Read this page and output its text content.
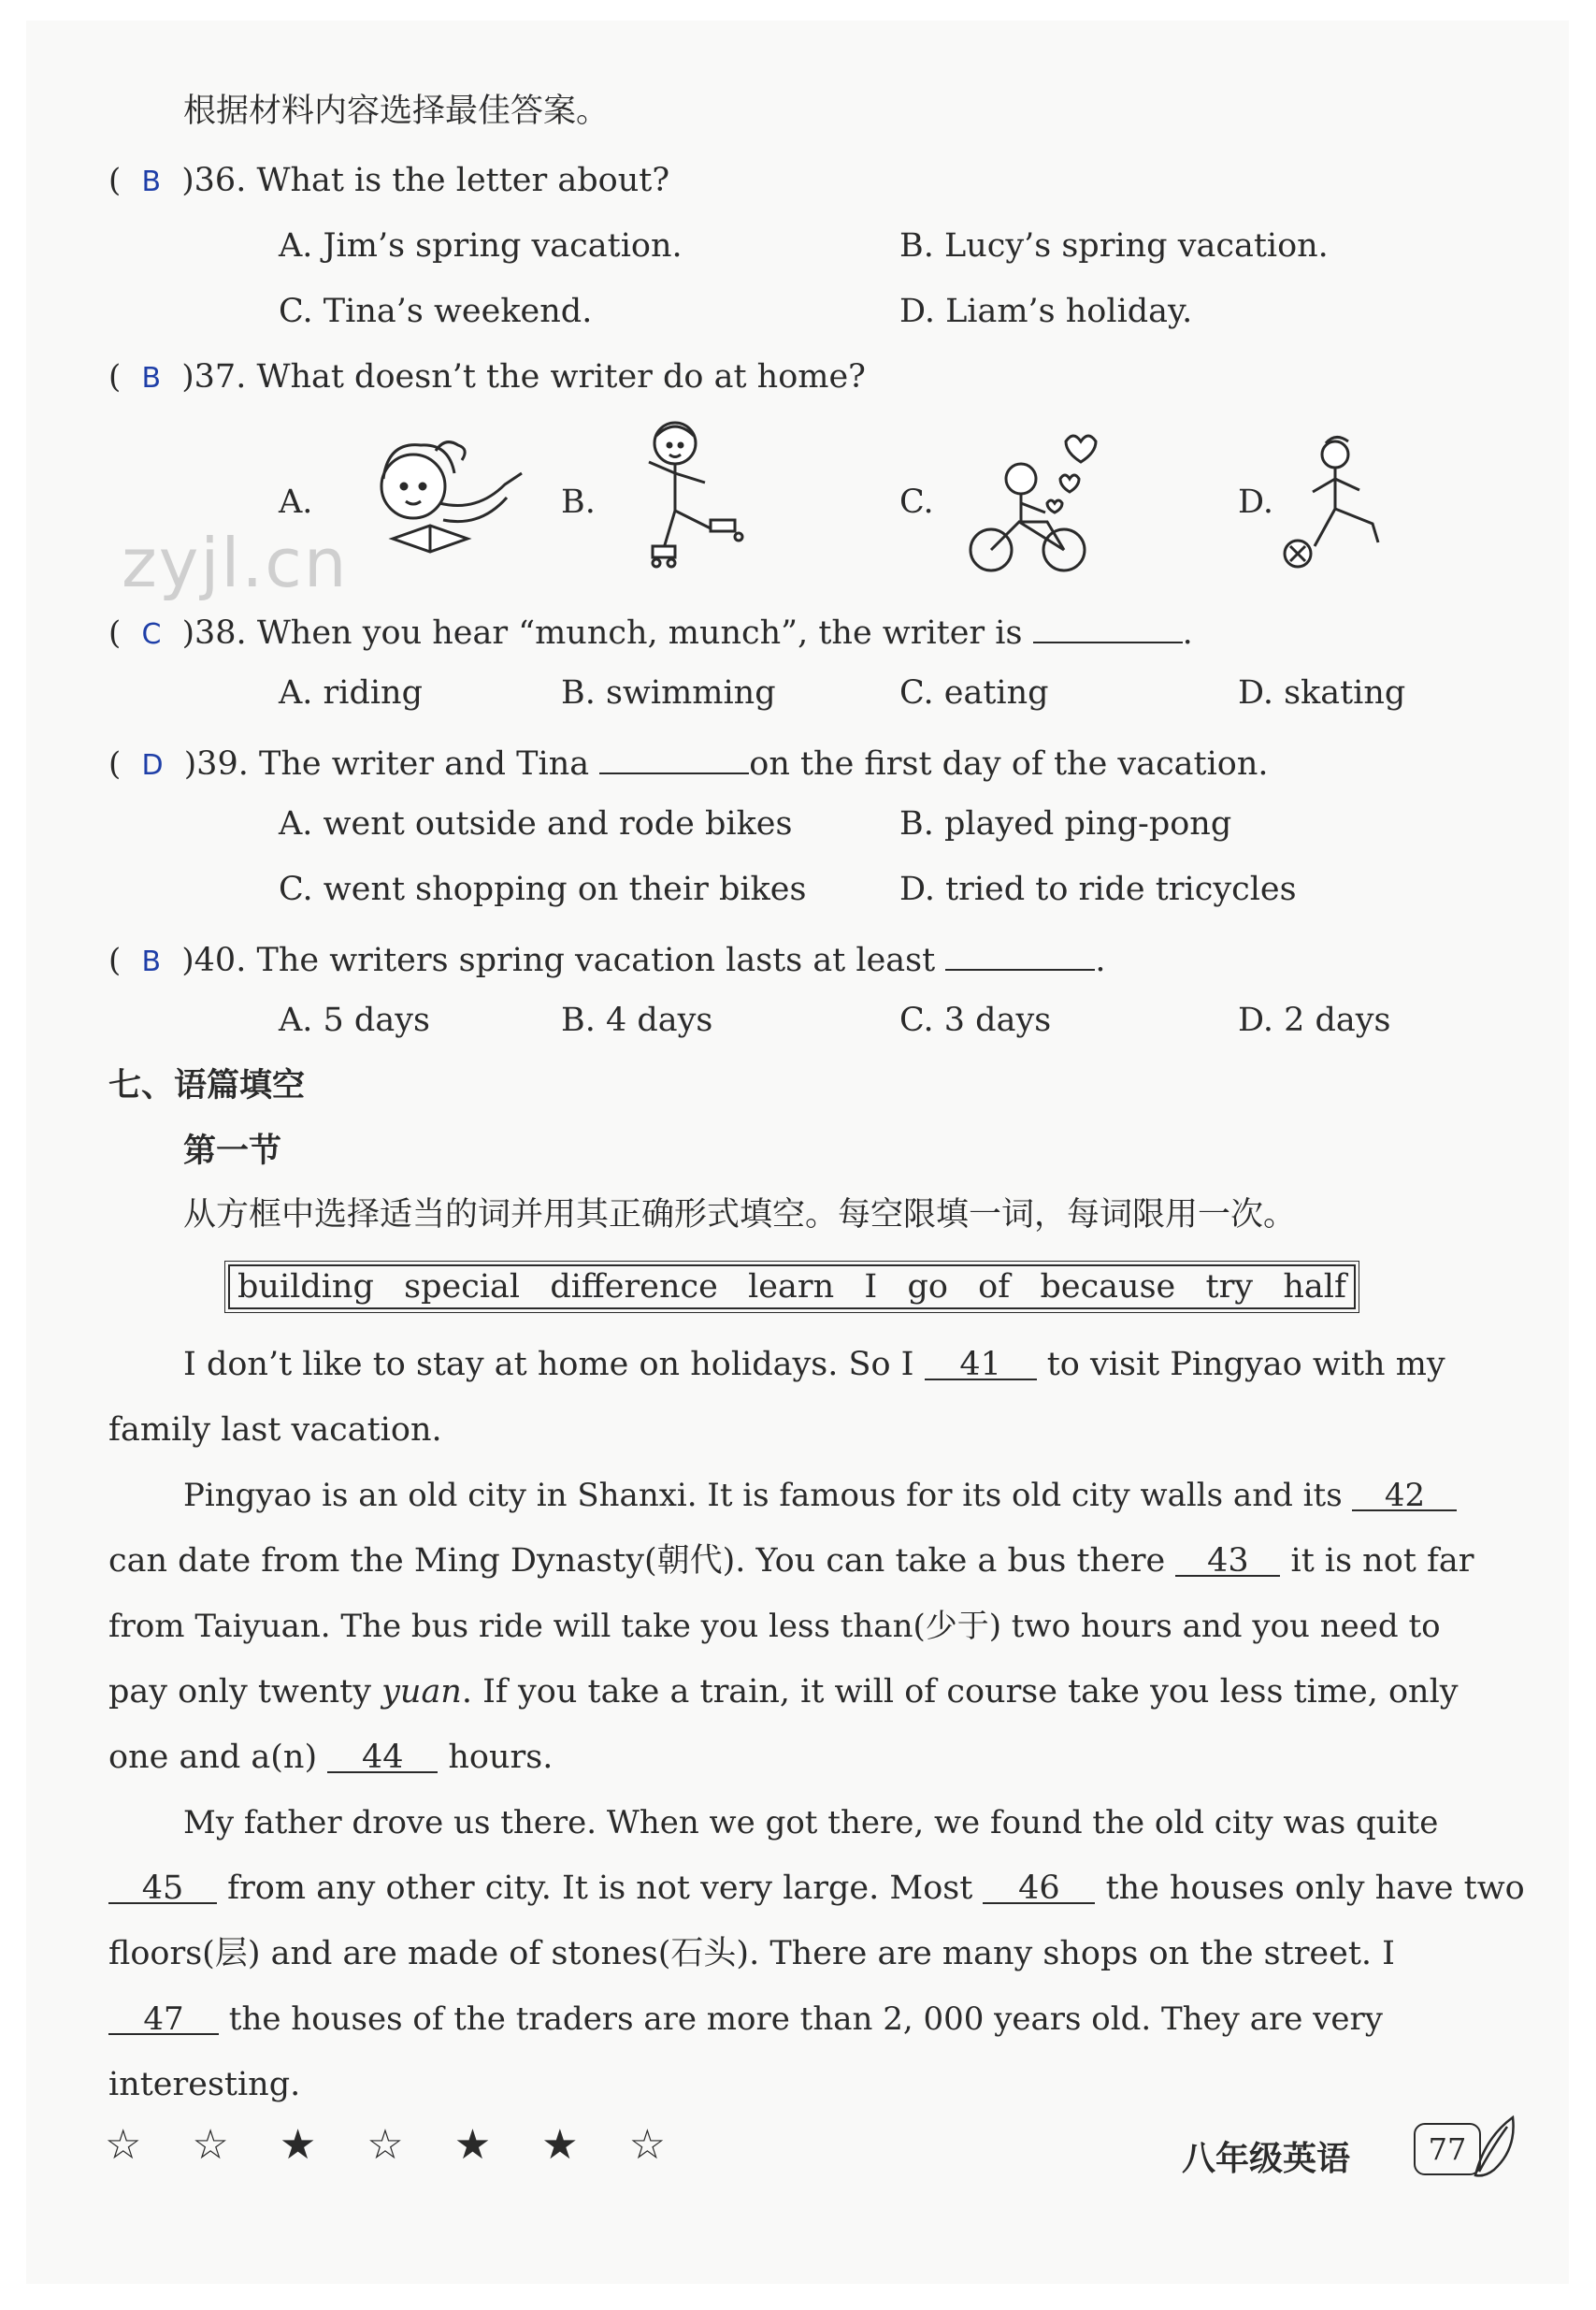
根据材料内容选择最佳答案。
( B )36. What is the letter about?
A. Jim’s spring vacation.	B. Lucy’s spring vacation.
C. Tina’s weekend.	D. Liam’s holiday.
( B )37. What doesn’t the writer do at home?
A.	B.	C.	D.
zyjl.cn
( C )38. When you hear “munch, munch”, the writer is	.
A. riding	B. swimming	C. eating	D. skating
( D )39. The writer and Tina	on the first day of the vacation.
A. went outside and rode bikes	B. played ping-pong
C. went shopping on their bikes	D. tried to ride tricycles
( B )40. The writers spring vacation lasts at least	.
A. 5 days	B. 4 days	C. 3 days	D. 2 days
七、语篇填空
第一节
从方框中选择适当的词并用其正确形式填空。每空限填一词，每词限用一次。
building special difference learn I go of because try half
I don’t like to stay at home on holidays. So I 41 to visit Pingyao with my
family last vacation.
Pingyao is an old city in Shanxi. It is famous for its old city walls and its 42
can date from the Ming Dynasty(朝代). You can take a bus there 43 it is not far
from Taiyuan. The bus ride will take you less than(少于) two hours and you need to
pay only twenty yuan. If you take a train, it will of course take you less time, only
one and a(n) 44 hours.
My father drove us there. When we got there, we found the old city was quite
45 from any other city. It is not very large. Most 46 the houses only have two
floors(层) and are made of stones(石头). There are many shops on the street. I
47 the houses of the traders are more than 2, 000 years old. They are very
interesting.
☆ ☆ ★ ☆ ★ ★ ☆	八年级英语	77
